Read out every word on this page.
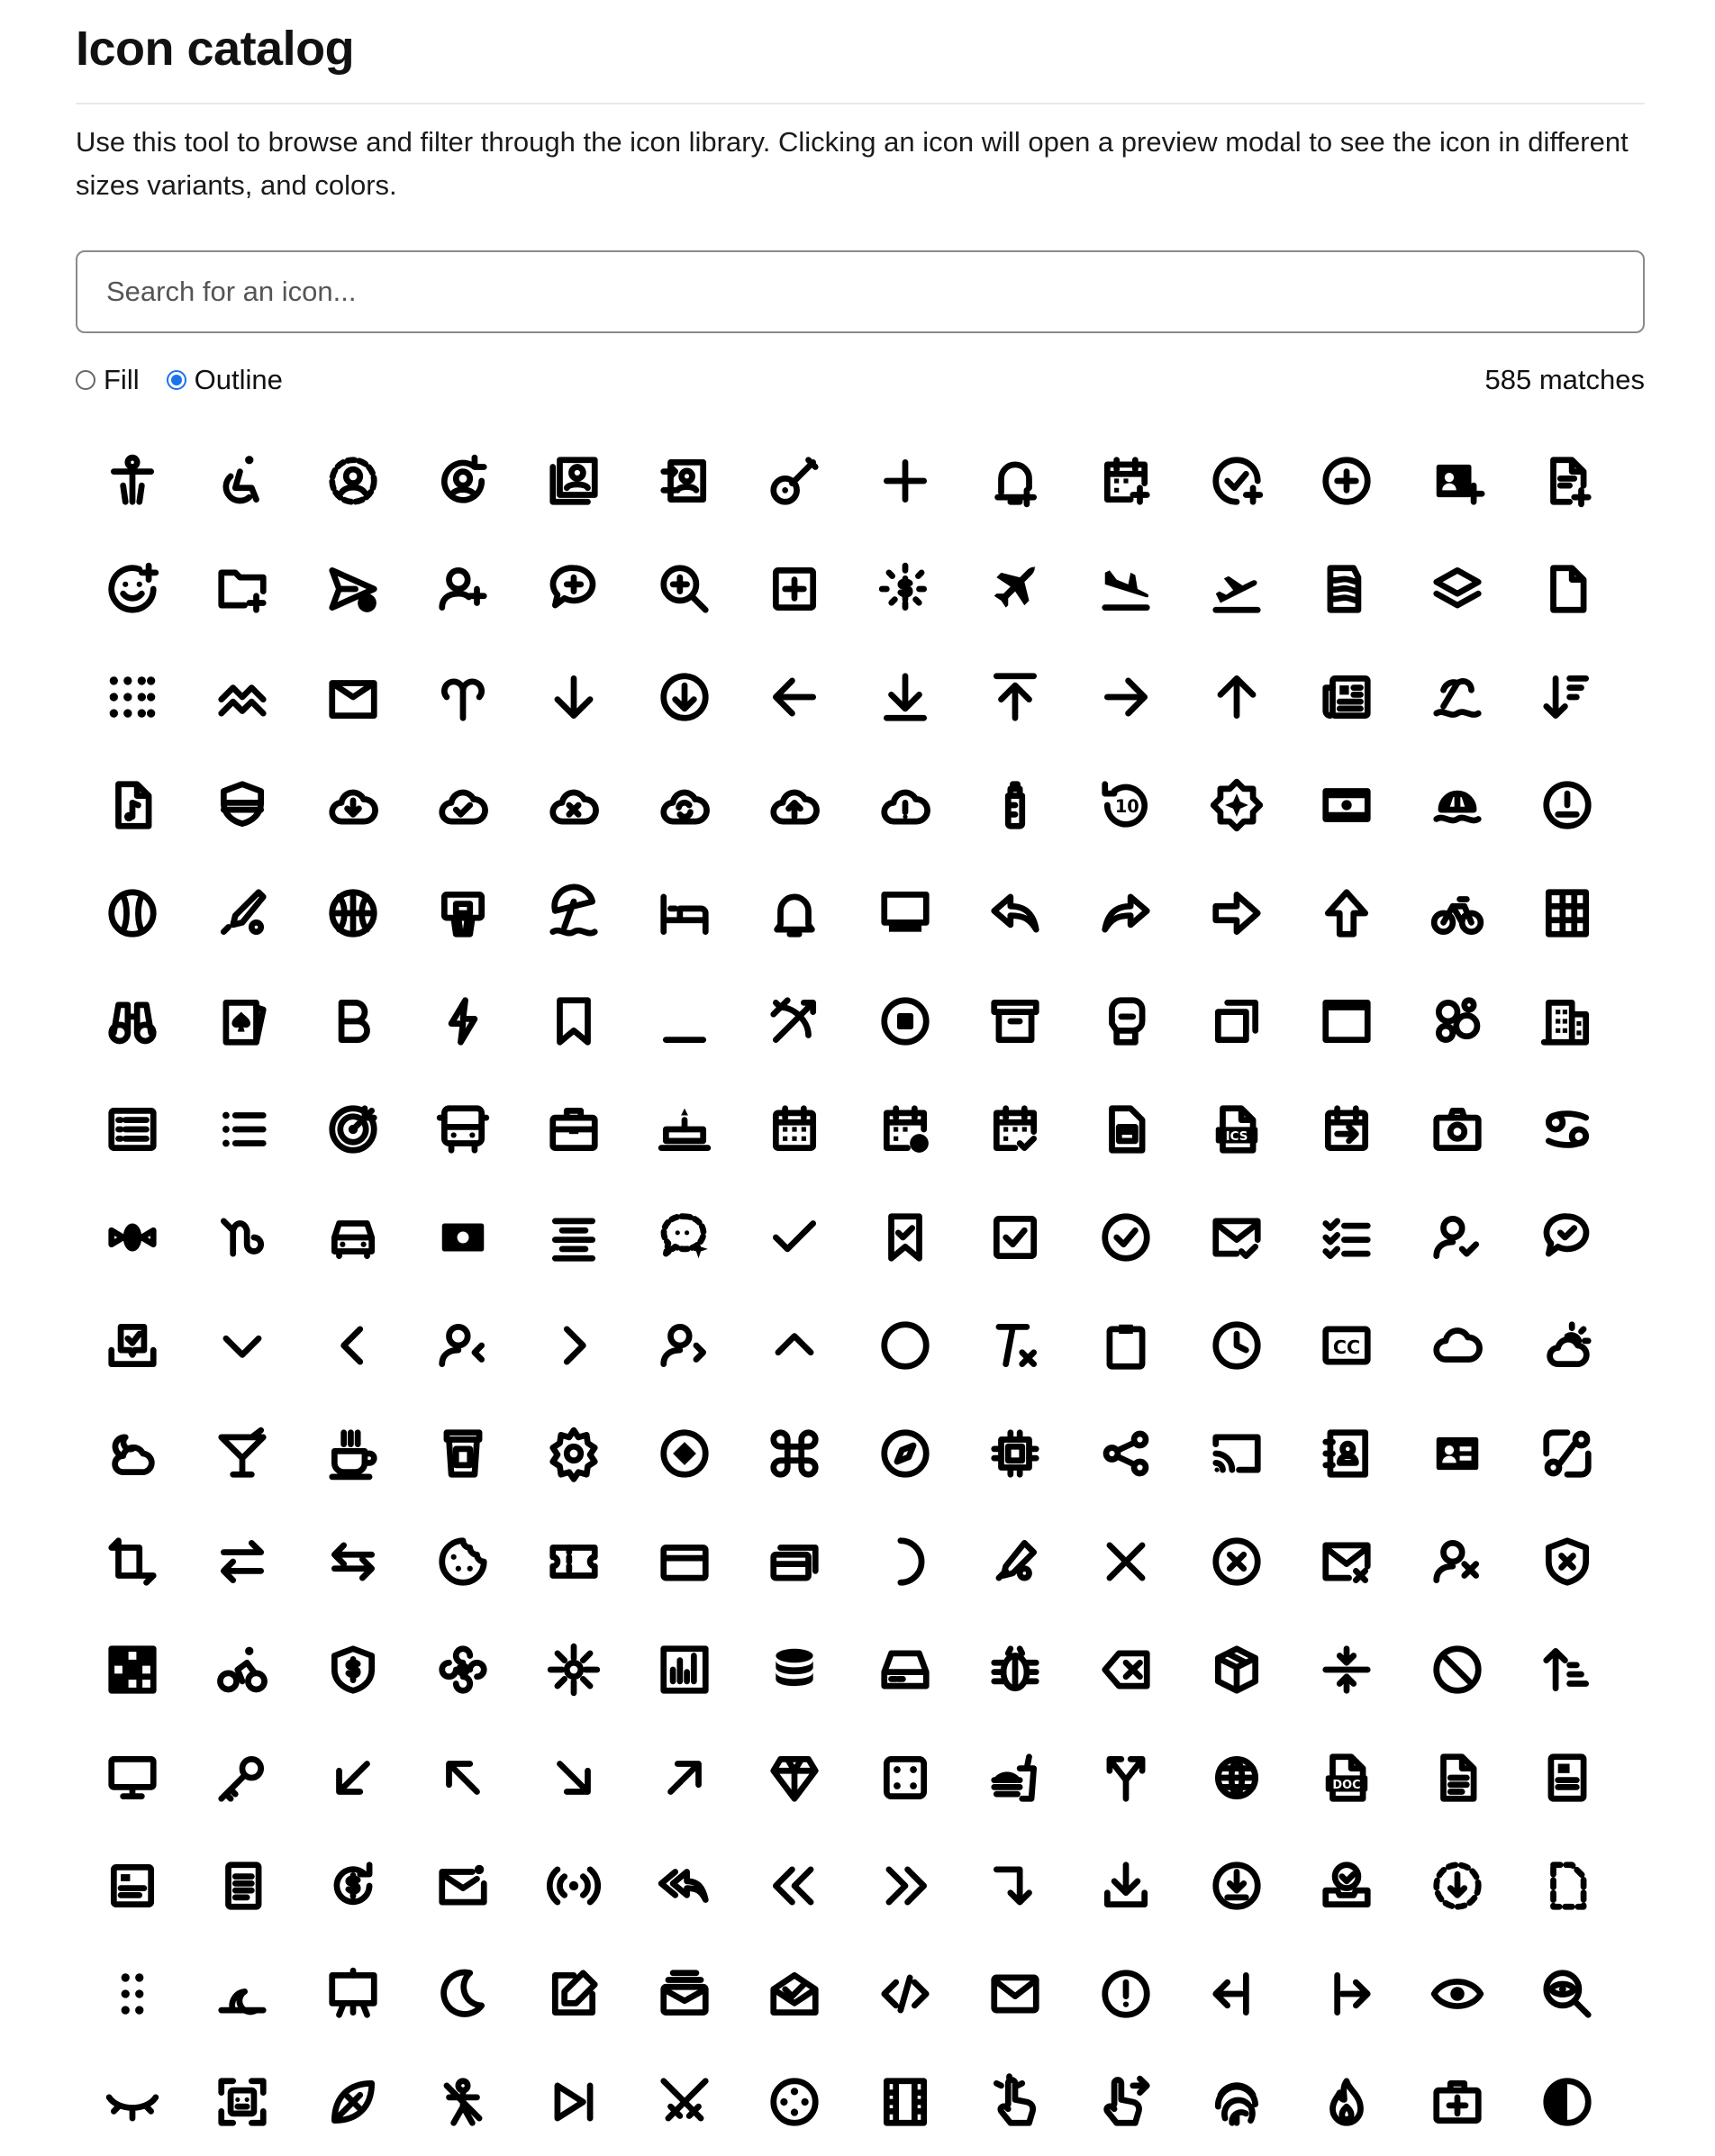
Icon catalog
Use this tool to browse and filter through the icon library. Clicking an icon will open a preview modal to see the icon in different sizes variants, and colors.
Search for an icon...
Fill Outline	585 matches
10
ICS
CC
DOC
